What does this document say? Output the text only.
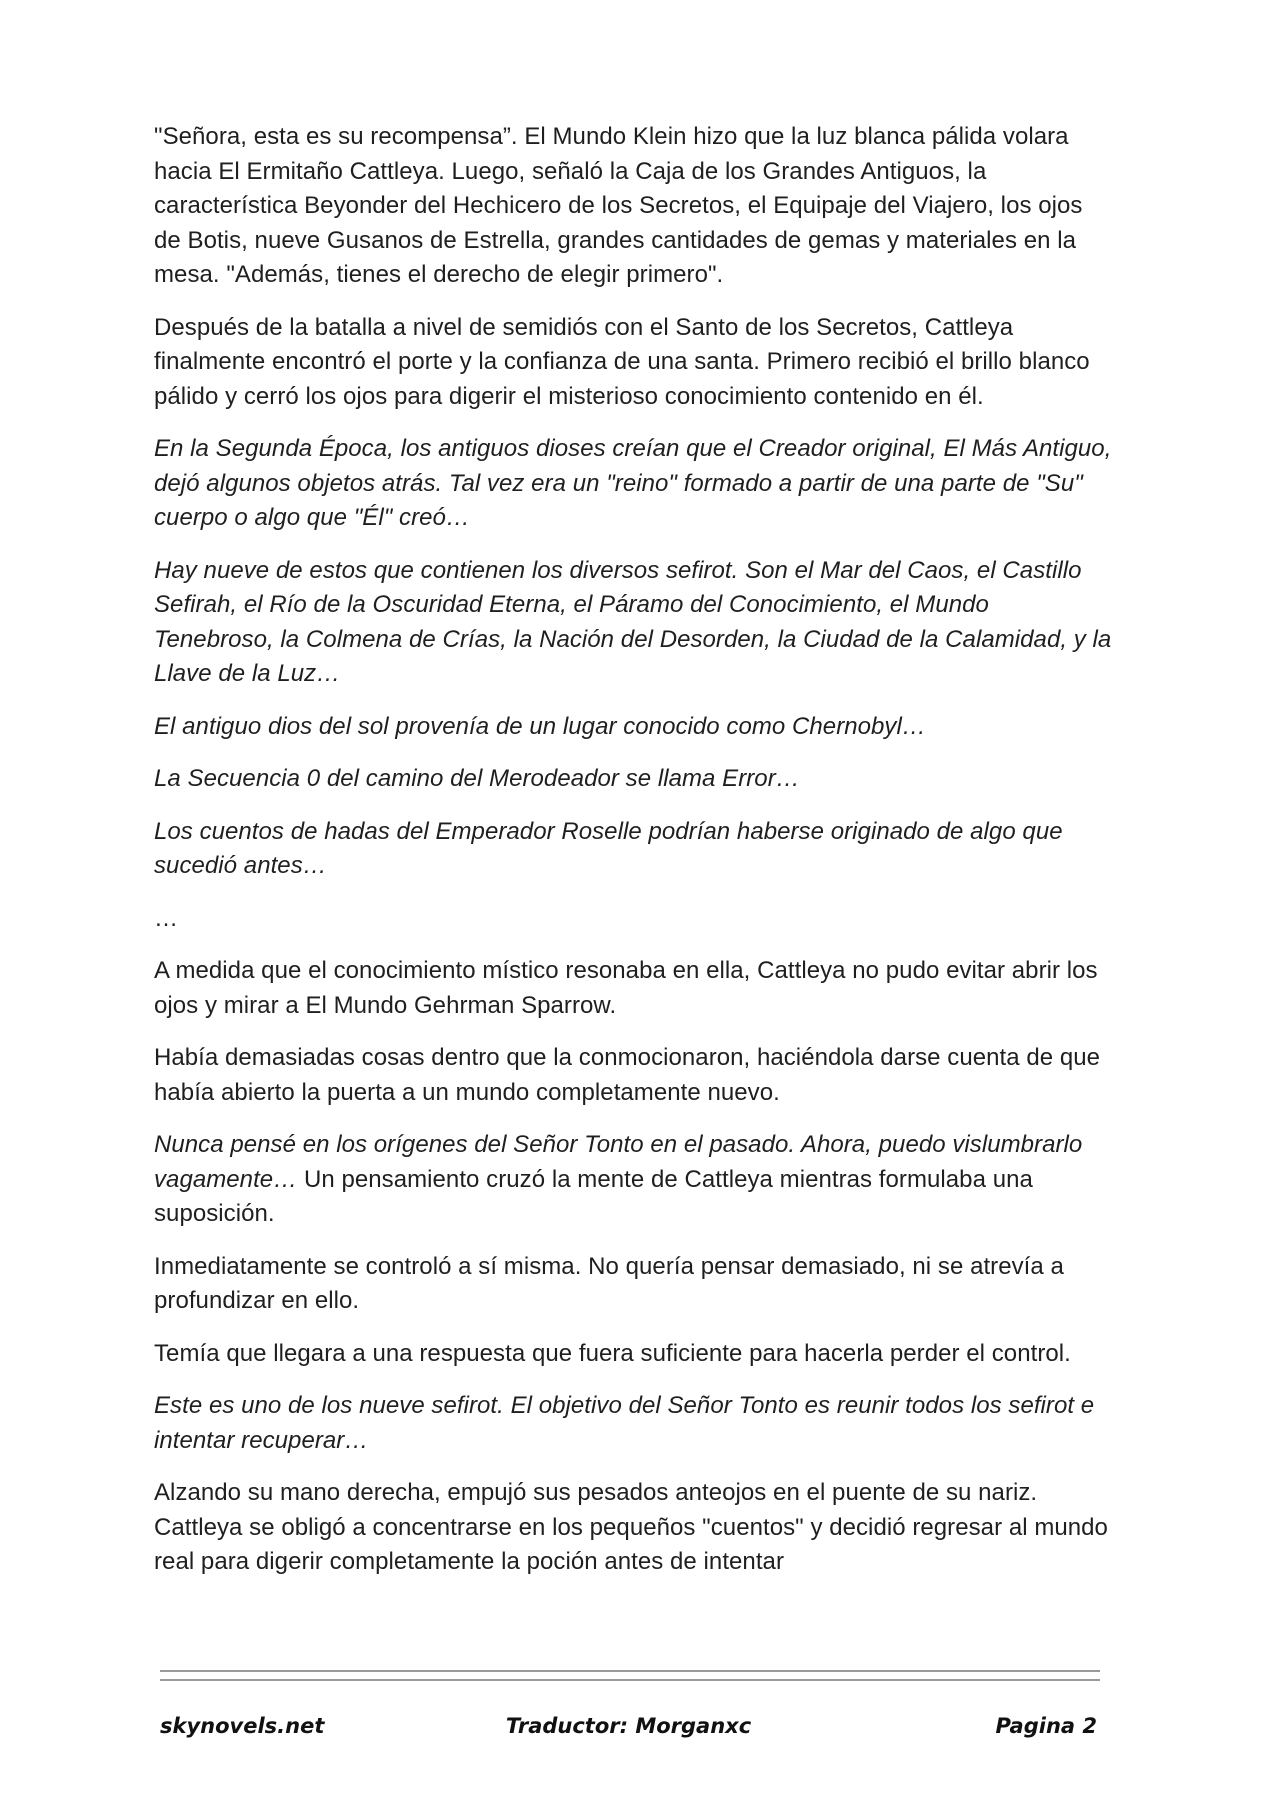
"Señora, esta es su recompensa”. El Mundo Klein hizo que la luz blanca pálida volara hacia El Ermitaño Cattleya. Luego, señaló la Caja de los Grandes Antiguos, la característica Beyonder del Hechicero de los Secretos, el Equipaje del Viajero, los ojos de Botis, nueve Gusanos de Estrella, grandes cantidades de gemas y materiales en la mesa. "Además, tienes el derecho de elegir primero".

Después de la batalla a nivel de semidiós con el Santo de los Secretos, Cattleya finalmente encontró el porte y la confianza de una santa. Primero recibió el brillo blanco pálido y cerró los ojos para digerir el misterioso conocimiento contenido en él.

En la Segunda Época, los antiguos dioses creían que el Creador original, El Más Antiguo, dejó algunos objetos atrás. Tal vez era un "reino" formado a partir de una parte de "Su" cuerpo o algo que "Él" creó…

Hay nueve de estos que contienen los diversos sefirot. Son el Mar del Caos, el Castillo Sefirah, el Río de la Oscuridad Eterna, el Páramo del Conocimiento, el Mundo Tenebroso, la Colmena de Crías, la Nación del Desorden, la Ciudad de la Calamidad, y la Llave de la Luz…

El antiguo dios del sol provenía de un lugar conocido como Chernobyl…

La Secuencia 0 del camino del Merodeador se llama Error…

Los cuentos de hadas del Emperador Roselle podrían haberse originado de algo que sucedió antes…

…

A medida que el conocimiento místico resonaba en ella, Cattleya no pudo evitar abrir los ojos y mirar a El Mundo Gehrman Sparrow.

Había demasiadas cosas dentro que la conmocionaron, haciéndola darse cuenta de que había abierto la puerta a un mundo completamente nuevo.

Nunca pensé en los orígenes del Señor Tonto en el pasado. Ahora, puedo vislumbrarlo vagamente… Un pensamiento cruzó la mente de Cattleya mientras formulaba una suposición.

Inmediatamente se controló a sí misma. No quería pensar demasiado, ni se atrevía a profundizar en ello.

Temía que llegara a una respuesta que fuera suficiente para hacerla perder el control.

Este es uno de los nueve sefirot. El objetivo del Señor Tonto es reunir todos los sefirot e intentar recuperar…

Alzando su mano derecha, empujó sus pesados anteojos en el puente de su nariz. Cattleya se obligó a concentrarse en los pequeños "cuentos" y decidió regresar al mundo real para digerir completamente la poción antes de intentar

skynovels.net	Traductor: Morganxc	Pagina 2
